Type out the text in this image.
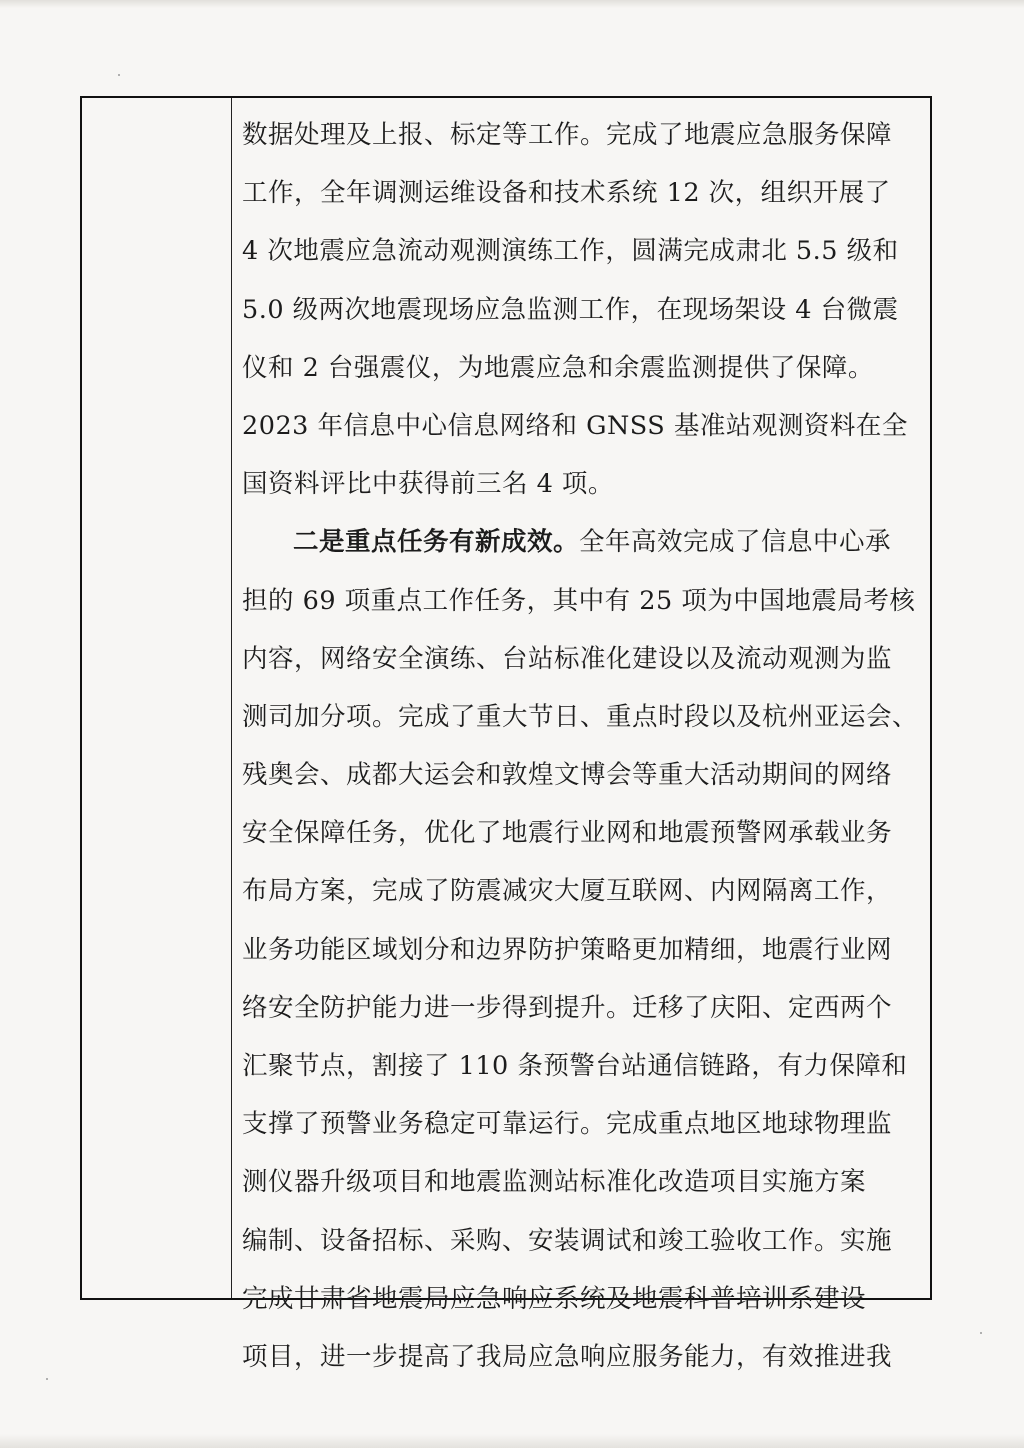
数据处理及上报、标定等工作。完成了地震应急服务保障
工作，全年调测运维设备和技术系统 12 次，组织开展了
4 次地震应急流动观测演练工作，圆满完成肃北 5.5 级和
5.0 级两次地震现场应急监测工作，在现场架设 4 台微震
仪和 2 台强震仪，为地震应急和余震监测提供了保障。
2023 年信息中心信息网络和 GNSS 基准站观测资料在全
国资料评比中获得前三名 4 项。
二是重点任务有新成效。全年高效完成了信息中心承
担的 69 项重点工作任务，其中有 25 项为中国地震局考核
内容，网络安全演练、台站标准化建设以及流动观测为监
测司加分项。完成了重大节日、重点时段以及杭州亚运会、
残奥会、成都大运会和敦煌文博会等重大活动期间的网络
安全保障任务，优化了地震行业网和地震预警网承载业务
布局方案，完成了防震减灾大厦互联网、内网隔离工作，
业务功能区域划分和边界防护策略更加精细，地震行业网
络安全防护能力进一步得到提升。迁移了庆阳、定西两个
汇聚节点，割接了 110 条预警台站通信链路，有力保障和
支撑了预警业务稳定可靠运行。完成重点地区地球物理监
测仪器升级项目和地震监测站标准化改造项目实施方案
编制、设备招标、采购、安装调试和竣工验收工作。实施
完成甘肃省地震局应急响应系统及地震科普培训系建设
项目，进一步提高了我局应急响应服务能力，有效推进我
